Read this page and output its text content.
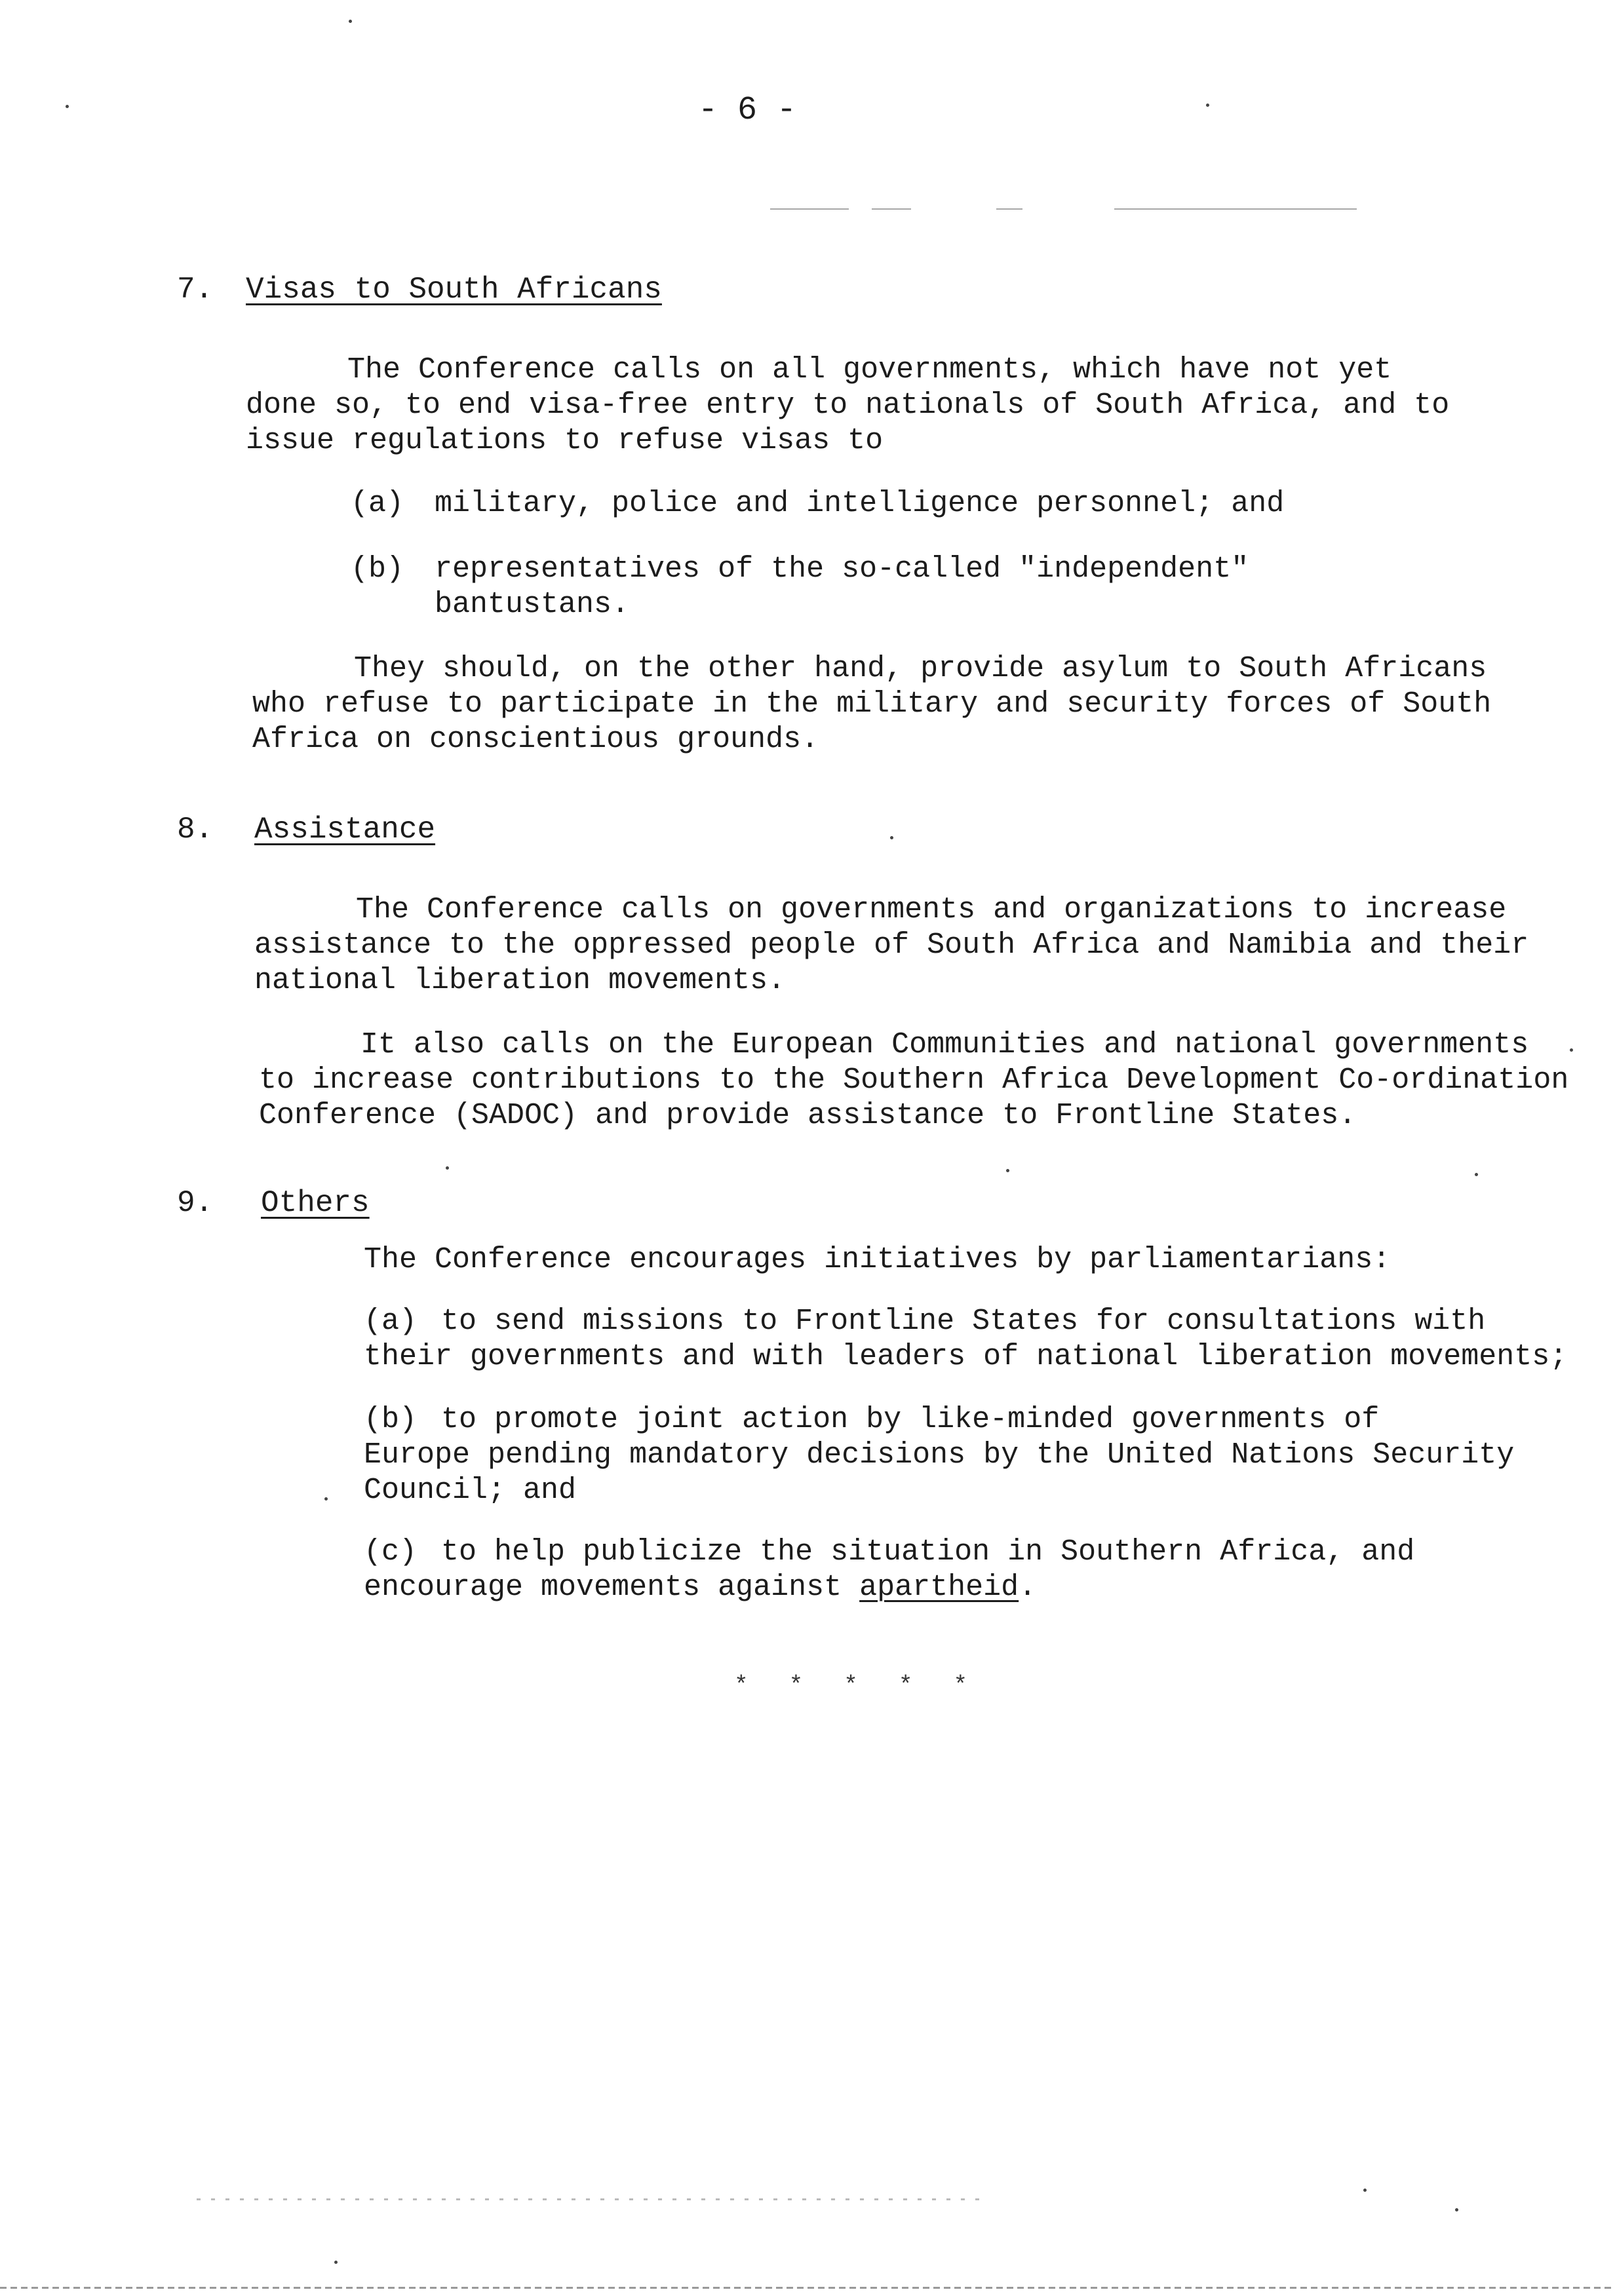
- 6 -
7.	Visas to South Africans

The Conference calls on all governments, which have not yet

done so, to end visa-free entry to nationals of South Africa, and to

issue regulations to refuse visas to

(a)	military, police and intelligence personnel; and
(b)	representatives of the so-called "independent"
bantustans.

They should, on the other hand, provide asylum to South Africans

who refuse to participate in the military and security forces of South

Africa on conscientious grounds.

8.	Assistance

The Conference calls on governments and organizations to increase

assistance to the oppressed people of South Africa and Namibia and their

national liberation movements.

It also calls on the European Communities and national governments

to increase contributions to the Southern Africa Development Co-ordination

Conference (SADOC) and provide assistance to Frontline States.

9.	Others

The Conference encourages initiatives by parliamentarians:

(a) to send missions to Frontline States for consultations with
their governments and with leaders of national liberation movements;
(b) to promote joint action by like-minded governments of
Europe pending mandatory decisions by the United Nations Security
Council; and
(c) to help publicize the situation in Southern Africa, and
encourage movements against apartheid.
* * * * *
